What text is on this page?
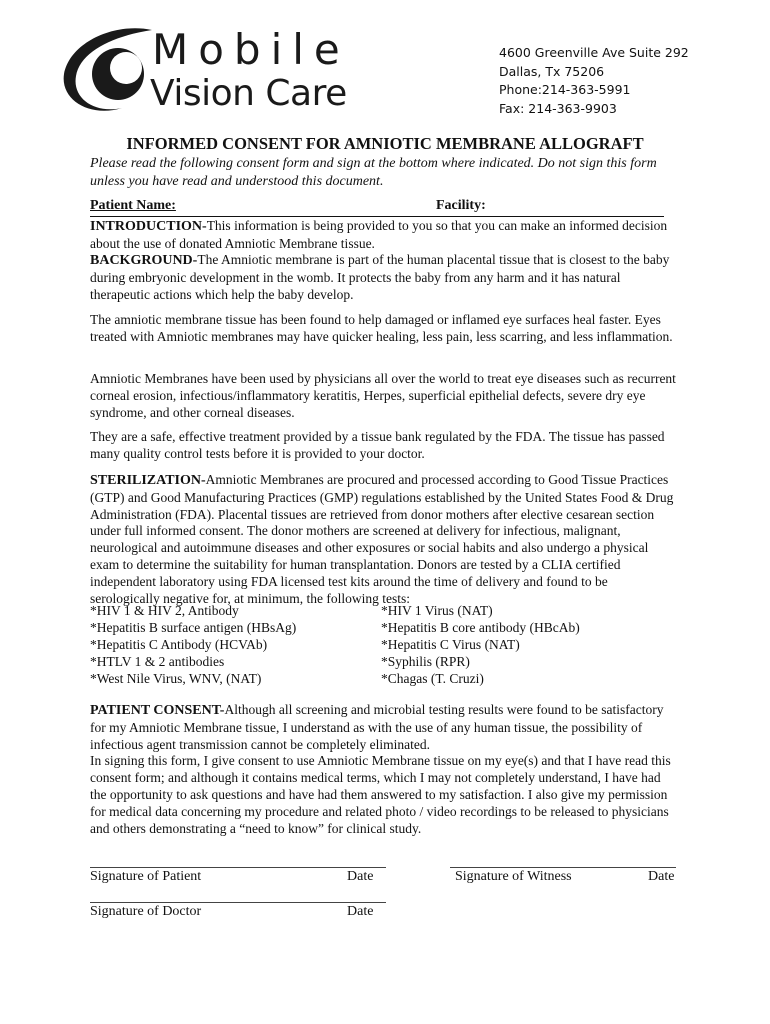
Mobile
Vision Care
4600 Greenville Ave Suite 292
Dallas, Tx 75206
Phone:214-363-5991
Fax: 214-363-9903
INFORMED CONSENT FOR AMNIOTIC MEMBRANE ALLOGRAFT
Please read the following consent form and sign at the bottom where indicated. Do not sign this form unless you have read and understood this document.
Patient Name:	Facility:

INTRODUCTION-This information is being provided to you so that you can make an informed decision about the use of donated Amniotic Membrane tissue.

BACKGROUND-The Amniotic membrane is part of the human placental tissue that is closest to the baby during embryonic development in the womb. It protects the baby from any harm and it has natural therapeutic actions which help the baby develop.

The amniotic membrane tissue has been found to help damaged or inflamed eye surfaces heal faster. Eyes treated with Amniotic membranes may have quicker healing, less pain, less scarring, and less inflammation.

Amniotic Membranes have been used by physicians all over the world to treat eye diseases such as recurrent corneal erosion, infectious/inflammatory keratitis, Herpes, superficial epithelial defects, severe dry eye syndrome, and other corneal diseases.

They are a safe, effective treatment provided by a tissue bank regulated by the FDA. The tissue has passed many quality control tests before it is provided to your doctor.

STERILIZATION-Amniotic Membranes are procured and processed according to Good Tissue Practices (GTP) and Good Manufacturing Practices (GMP) regulations established by the United States Food & Drug Administration (FDA). Placental tissues are retrieved from donor mothers after elective cesarean section under full informed consent. The donor mothers are screened at delivery for infectious, malignant, neurological and autoimmune diseases and other exposures or social habits and also undergo a physical exam to determine the suitability for human transplantation. Donors are tested by a CLIA certified independent laboratory using FDA licensed test kits around the time of delivery and found to be serologically negative for, at minimum, the following tests:

*HIV 1 & HIV 2, Antibody	*HIV 1 Virus (NAT)
*Hepatitis B surface antigen (HBsAg)	*Hepatitis B core antibody (HBcAb)
*Hepatitis C Antibody (HCVAb)	*Hepatitis C Virus (NAT)
*HTLV 1 & 2 antibodies	*Syphilis (RPR)
*West Nile Virus, WNV, (NAT)	*Chagas (T. Cruzi)

PATIENT CONSENT-Although all screening and microbial testing results were found to be satisfactory for my Amniotic Membrane tissue, I understand as with the use of any human tissue, the possibility of infectious agent transmission cannot be completely eliminated.

In signing this form, I give consent to use Amniotic Membrane tissue on my eye(s) and that I have read this consent form; and although it contains medical terms, which I may not completely understand, I have had the opportunity to ask questions and have had them answered to my satisfaction. I also give my permission for medical data concerning my procedure and related photo / video recordings to be released to physicians and others demonstrating a “need to know” for clinical study.

Signature of Patient	Date	Signature of Witness	Date
Signature of Doctor	Date
